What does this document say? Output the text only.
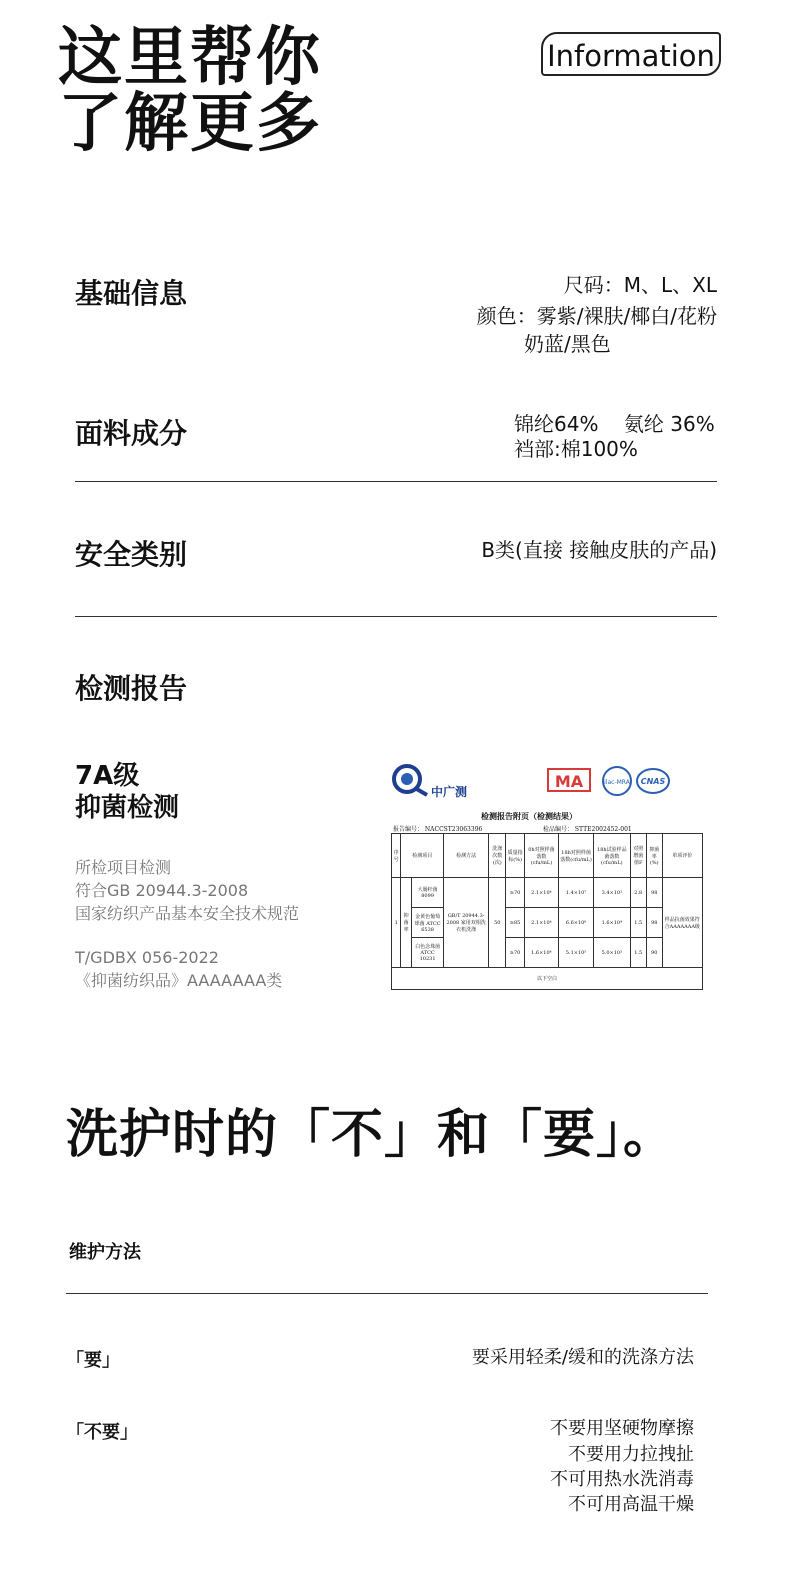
这里帮你
了解更多
Information
基础信息	尺码：M、L、XL
颜色：雾紫/裸肤/椰白/花粉
奶蓝/黑色
面料成分	锦纶64%    氨纶 36%
裆部:棉100%
安全类别	B类(直接 接触皮肤的产品)
检测报告
7A级
抑菌检测
所检项目检测
符合GB 20944.3-2008
国家纺织产品基本安全技术规范
T/GDBX 056-2022
《抑菌纺织品》AAAAAAA类
MA	ilac-MRA CNAS
中广测
检测报告附页（检测结果）
报告编号： NACCST23063396	检品编号： STTE2002452-001
序号	检测项目		检测方法	洗涤次数(次)	质量指标(%)	0h对照样菌落数(cfu/mL)	18h对照样菌落数(cfu/mL)	18h试验样品菌落数(cfu/mL)	对照增菌值F	抑菌率(%)	单项评价
1	抑菌率	大肠杆菌 8099	GB/T 20944.3-2008 家用双相洗衣机洗涤	50	≥70	2.1×10⁴	1.4×10⁷	3.4×10²	2.8	98	样品抗菌效果符合AAAAAAA级
		金黄色葡萄球菌 ATCC 6538			≥85	2.1×10⁴	6.6×10⁶	1.6×10⁴	1.5	98	
		白色念珠菌 ATCC 10231			≥70	1.6×10⁴	5.1×10⁵	5.0×10³	1.5	90	
以下空白											
洗护时的「不」和「要」。
维护方法
「要」	要采用轻柔/缓和的洗涤方法
「不要」	不要用坚硬物摩擦
不要用力拉拽扯
不可用热水洗消毒
不可用高温干燥
